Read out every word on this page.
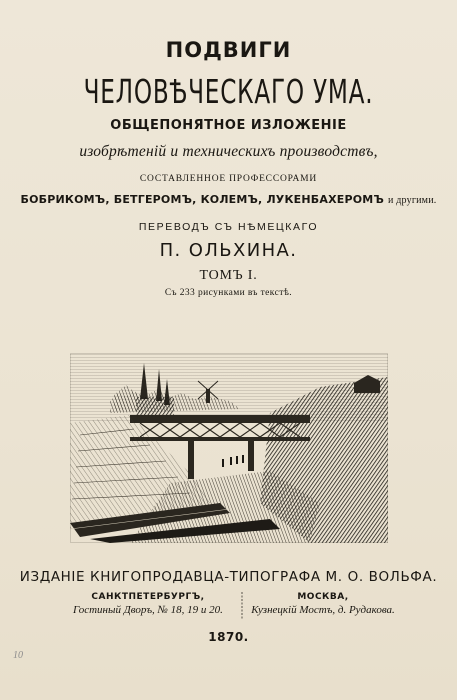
ПОДВИГИ
ЧЕЛОВѢЧЕСКАГО УМА.
ОБЩЕПОНЯТНОЕ ИЗЛОЖЕНIЕ
изобрѣтенiй и техническихъ производствъ,
СОСТАВЛЕННОЕ ПРОФЕССОРАМИ
БОБРИКОМЪ, БЕТГЕРОМЪ, КОЛЕМЪ, ЛУКЕНБАХЕРОМЪ и другими.
ПЕРЕВОДЪ СЪ НѢМЕЦКАГО
П. ОЛЬХИНА.
ТОМЪ I.
Съ 233 рисунками въ текстѣ.
ИЗДАНIЕ КНИГОПРОДАВЦА-ТИПОГРАФА М. О. ВОЛЬФА.
САНКТПЕТЕРБУРГЪ,
Гостиный Дворъ, № 18, 19 и 20.
МОСКВА,
Кузнецкій Мостъ, д. Рудакова.
1870.
10
